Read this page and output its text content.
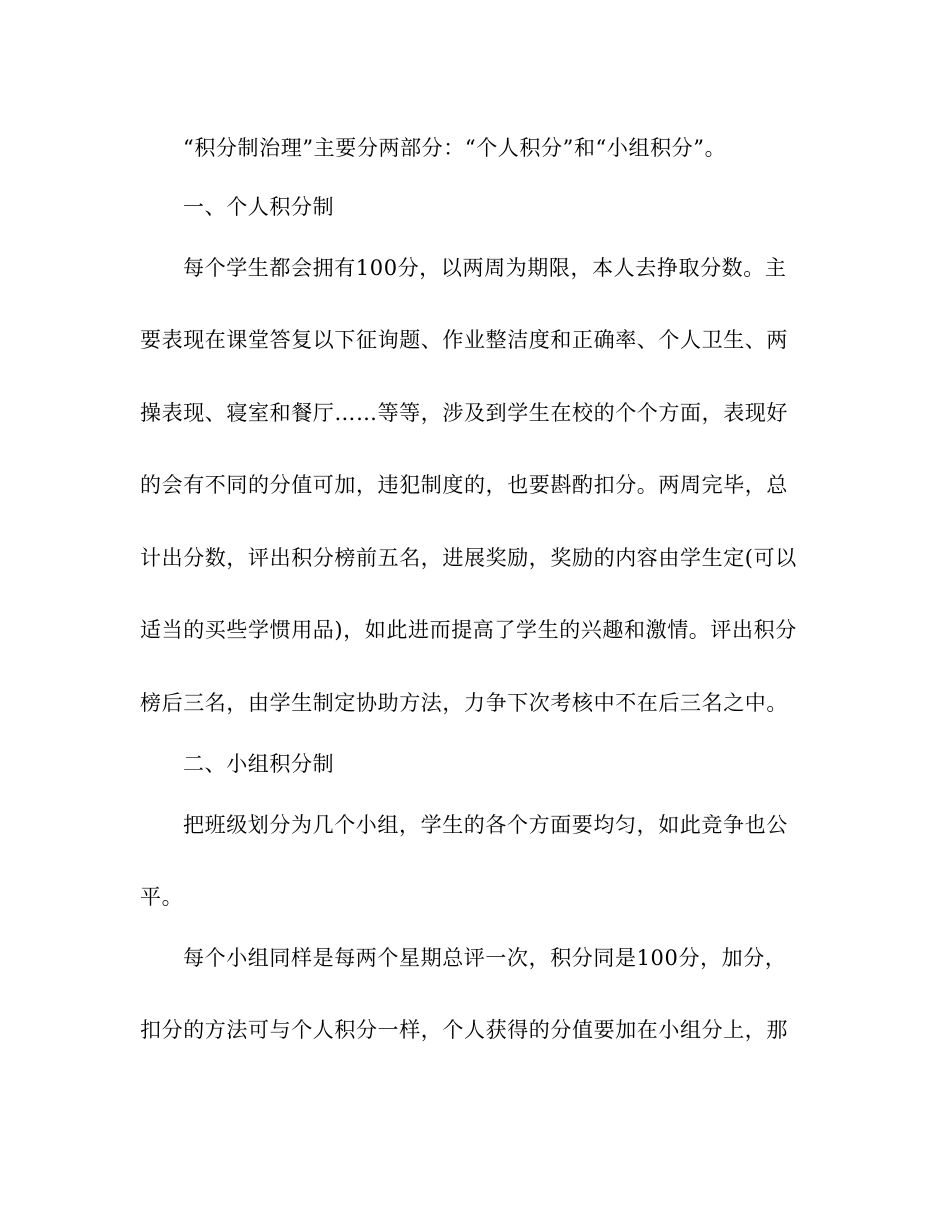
“积分制治理”主要分两部分：“个人积分”和“小组积分”。
一、个人积分制
每个学生都会拥有100分，以两周为期限，本人去挣取分数。主
要表现在课堂答复以下征询题、作业整洁度和正确率、个人卫生、两
操表现、寝室和餐厅……等等，涉及到学生在校的个个方面，表现好
的会有不同的分值可加，违犯制度的，也要斟酌扣分。两周完毕，总
计出分数，评出积分榜前五名，进展奖励，奖励的内容由学生定(可以
适当的买些学惯用品)，如此进而提高了学生的兴趣和激情。评出积分
榜后三名，由学生制定协助方法，力争下次考核中不在后三名之中。
二、小组积分制
把班级划分为几个小组，学生的各个方面要均匀，如此竞争也公
平。
每个小组同样是每两个星期总评一次，积分同是100分，加分，
扣分的方法可与个人积分一样，个人获得的分值要加在小组分上，那
